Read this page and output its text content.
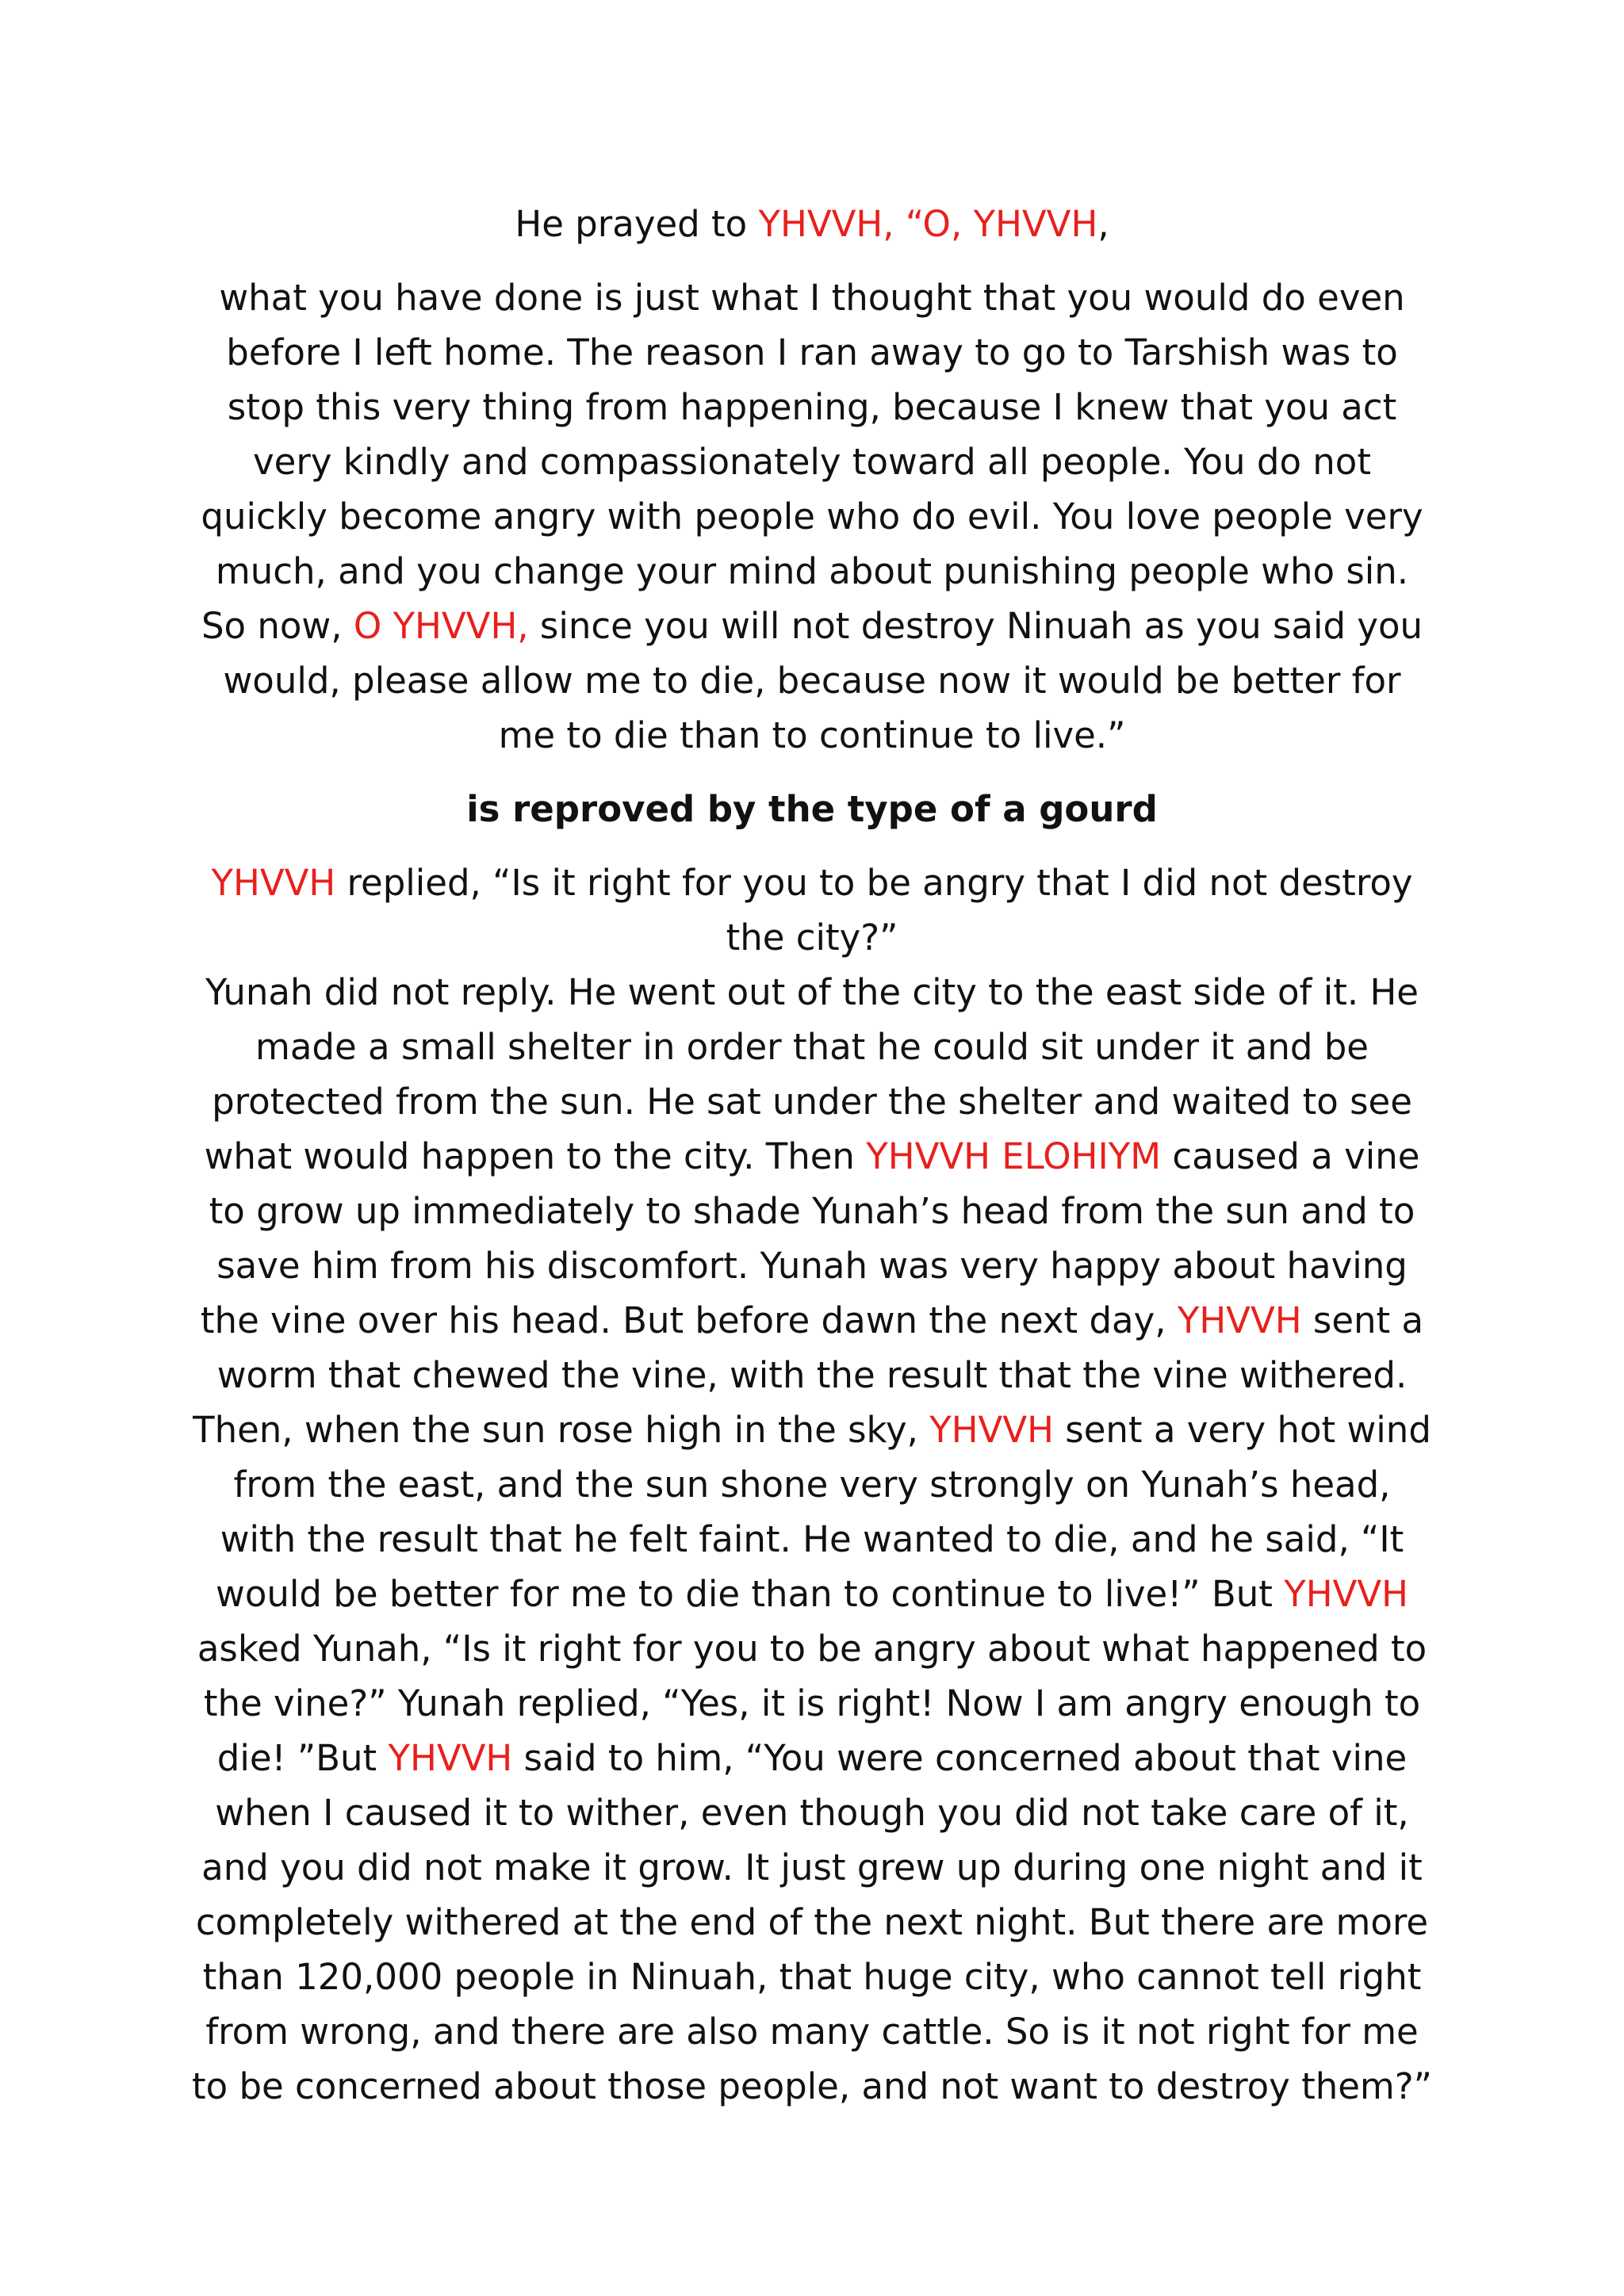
He prayed to YHVVH, “O, YHVVH,

what you have done is just what I thought that you would do even before I left home. The reason I ran away to go to Tarshish was to stop this very thing from happening, because I knew that you act very kindly and compassionately toward all people. You do not quickly become angry with people who do evil. You love people very much, and you change your mind about punishing people who sin. So now, O YHVVH, since you will not destroy Ninuah as you said you would, please allow me to die, because now it would be better for me to die than to continue to live.”

is reproved by the type of a gourd

YHVVH replied, “Is it right for you to be angry that I did not destroy the city?”

Yunah did not reply. He went out of the city to the east side of it. He made a small shelter in order that he could sit under it and be protected from the sun. He sat under the shelter and waited to see what would happen to the city. Then YHVVH ELOHIYM caused a vine to grow up immediately to shade Yunah’s head from the sun and to save him from his discomfort. Yunah was very happy about having the vine over his head. But before dawn the next day, YHVVH sent a worm that chewed the vine, with the result that the vine withered. Then, when the sun rose high in the sky, YHVVH sent a very hot wind from the east, and the sun shone very strongly on Yunah’s head, with the result that he felt faint. He wanted to die, and he said, “It would be better for me to die than to continue to live!” But YHVVH asked Yunah, “Is it right for you to be angry about what happened to the vine?” Yunah replied, “Yes, it is right! Now I am angry enough to die! ”But YHVVH said to him, “You were concerned about that vine when I caused it to wither, even though you did not take care of it, and you did not make it grow. It just grew up during one night and it completely withered at the end of the next night. But there are more than 120,000 people in Ninuah, that huge city, who cannot tell right from wrong, and there are also many cattle. So is it not right for me to be concerned about those people, and not want to destroy them?”
